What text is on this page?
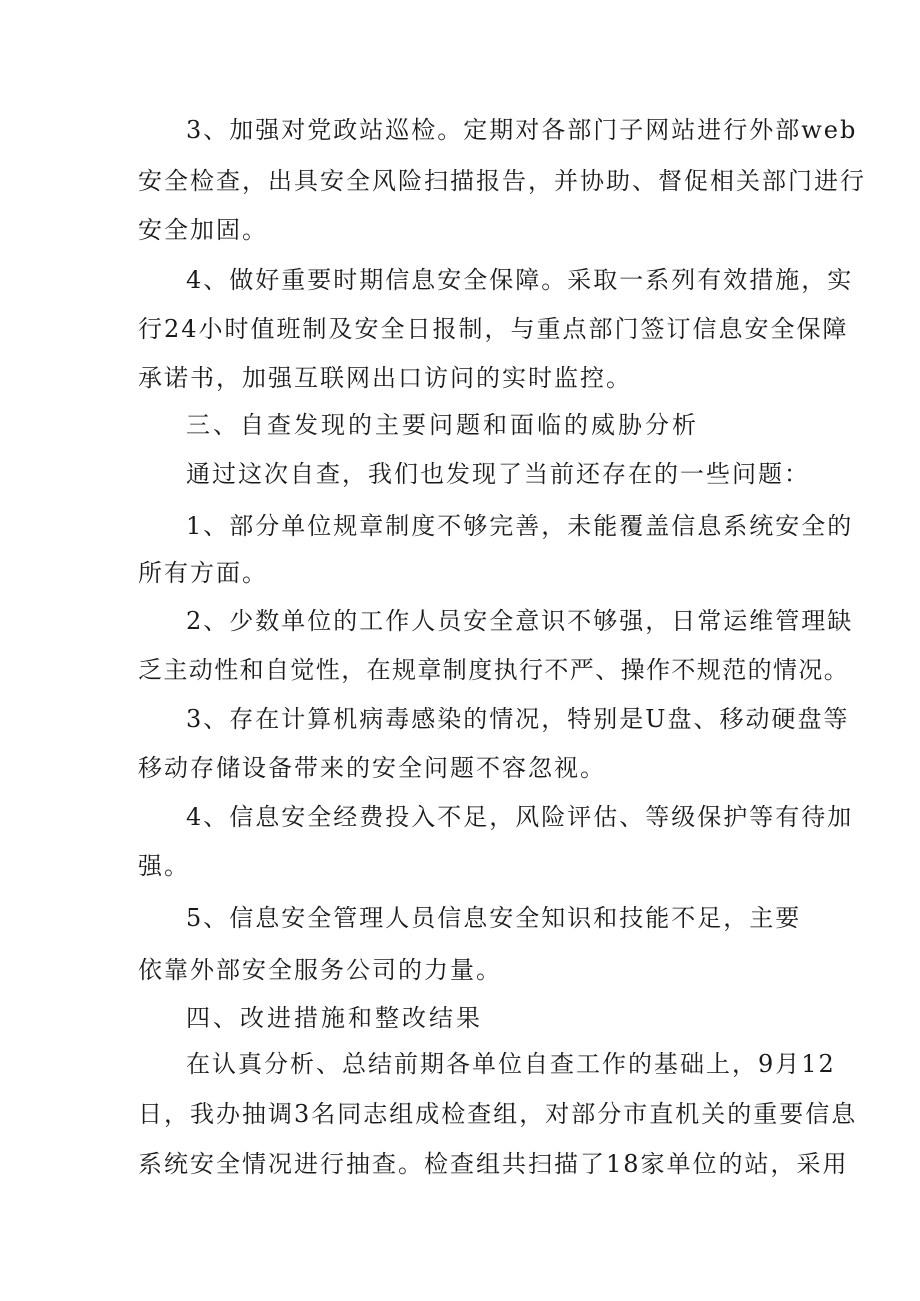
3、加强对党政站巡检。定期对各部门子网站进行外部web
安全检查，出具安全风险扫描报告，并协助、督促相关部门进行
安全加固。
4、做好重要时期信息安全保障。采取一系列有效措施，实
行24小时值班制及安全日报制，与重点部门签订信息安全保障
承诺书，加强互联网出口访问的实时监控。
三、自查发现的主要问题和面临的威胁分析
通过这次自查，我们也发现了当前还存在的一些问题：
1、部分单位规章制度不够完善，未能覆盖信息系统安全的
所有方面。
2、少数单位的工作人员安全意识不够强，日常运维管理缺
乏主动性和自觉性，在规章制度执行不严、操作不规范的情况。
3、存在计算机病毒感染的情况，特别是U盘、移动硬盘等
移动存储设备带来的安全问题不容忽视。
4、信息安全经费投入不足，风险评估、等级保护等有待加
强。
5、信息安全管理人员信息安全知识和技能不足，主要
依靠外部安全服务公司的力量。
四、改进措施和整改结果
在认真分析、总结前期各单位自查工作的基础上，9月12
日，我办抽调3名同志组成检查组，对部分市直机关的重要信息
系统安全情况进行抽查。检查组共扫描了18家单位的站，采用
